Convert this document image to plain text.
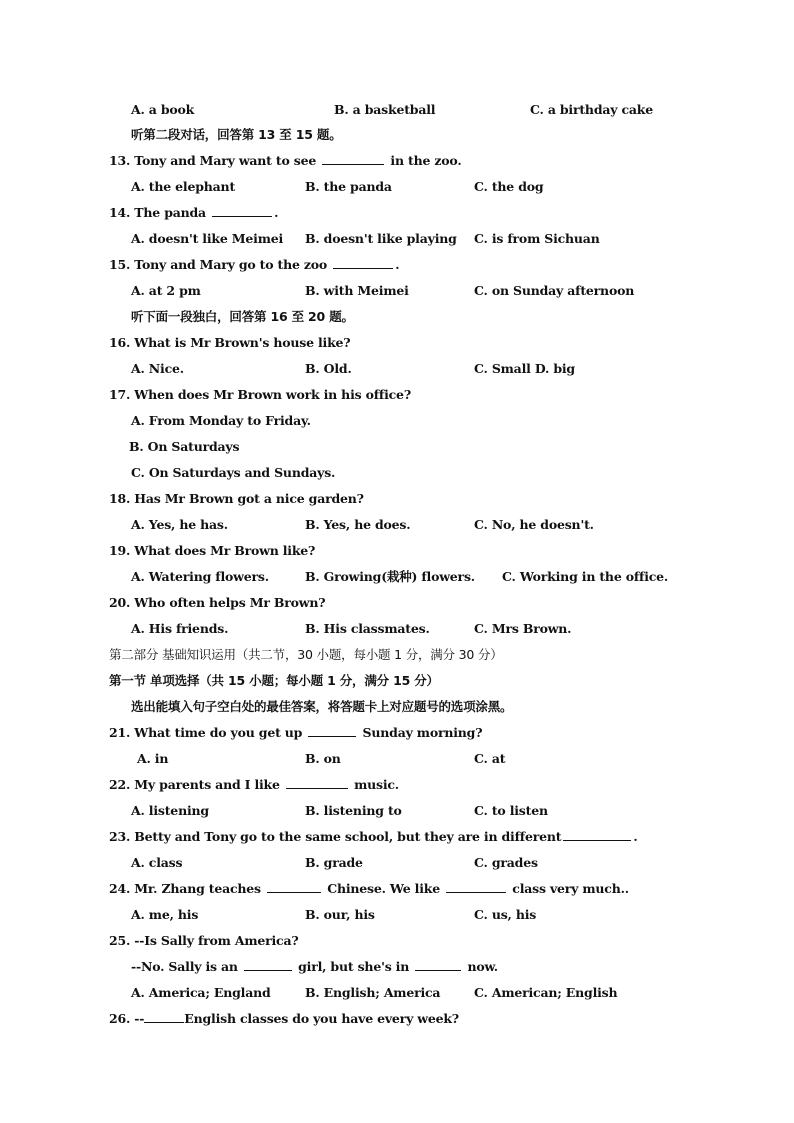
A. a book	B. a basketball	C. a birthday cake
听第二段对话，回答第 13 至 15 题。
13. Tony and Mary want to see	in the zoo.
A. the elephant	B. the panda	C. the dog
14. The panda	.
A. doesn't like Meimei B. doesn't like playing C. is from Sichuan
15. Tony and Mary go to the zoo	.
A. at 2 pm	B. with Meimei	C. on Sunday afternoon
听下面一段独白，回答第 16 至 20 题。
16. What is Mr Brown's house like?
A. Nice.	B. Old.	C. Small D. big
17. When does Mr Brown work in his office?
A. From Monday to Friday.
B. On Saturdays
C. On Saturdays and Sundays.
18. Has Mr Brown got a nice garden?
A. Yes, he has.	B. Yes, he does.	C. No, he doesn't.
19. What does Mr Brown like?
A. Watering flowers.	B. Growing(栽种) flowers. C. Working in the office.
20. Who often helps Mr Brown?
A. His friends.	B. His classmates.	C. Mrs Brown.
第二部分 基础知识运用（共二节，30 小题，每小题 1 分，满分 30 分）
第一节 单项选择（共 15 小题；每小题 1 分，满分 15 分）
选出能填入句子空白处的最佳答案，将答题卡上对应题号的选项涂黑。
21. What time do you get up	Sunday morning?
A. in	B. on	C. at
22. My parents and I like	music.
A. listening	B. listening to	C. to listen
23. Betty and Tony go to the same school, but they are in different	.
A. class	B. grade	C. grades
24. Mr. Zhang teaches	Chinese. We like	class very much..
A. me, his	B. our, his	C. us, his
25. --Is Sally from America?
--No. Sally is an	girl, but she's in	now.
A. America; England	B. English; America	C. American; English
26. --	English classes do you have every week?
